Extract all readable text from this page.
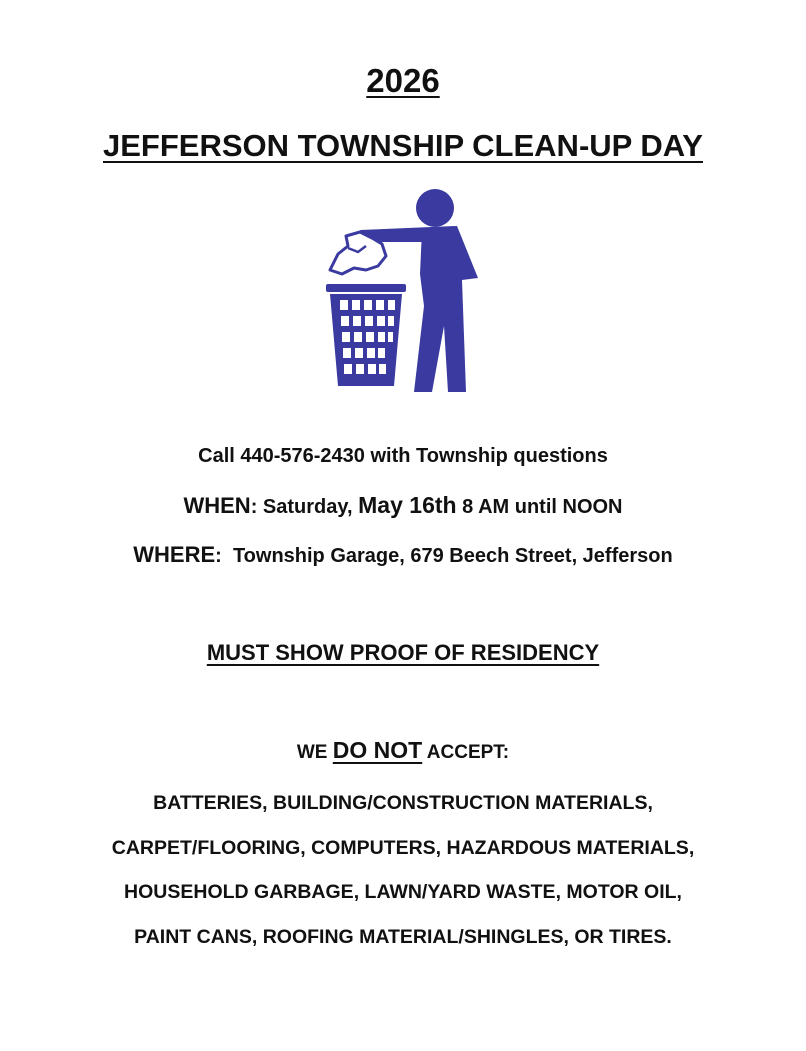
2026
JEFFERSON TOWNSHIP CLEAN-UP DAY
Call 440-576-2430 with Township questions
WHEN: Saturday, May 16th 8 AM until NOON
WHERE:  Township Garage, 679 Beech Street, Jefferson
MUST SHOW PROOF OF RESIDENCY
WE DO NOT ACCEPT:
BATTERIES, BUILDING/CONSTRUCTION MATERIALS,
CARPET/FLOORING, COMPUTERS, HAZARDOUS MATERIALS,
HOUSEHOLD GARBAGE, LAWN/YARD WASTE, MOTOR OIL,
PAINT CANS, ROOFING MATERIAL/SHINGLES, OR TIRES.
